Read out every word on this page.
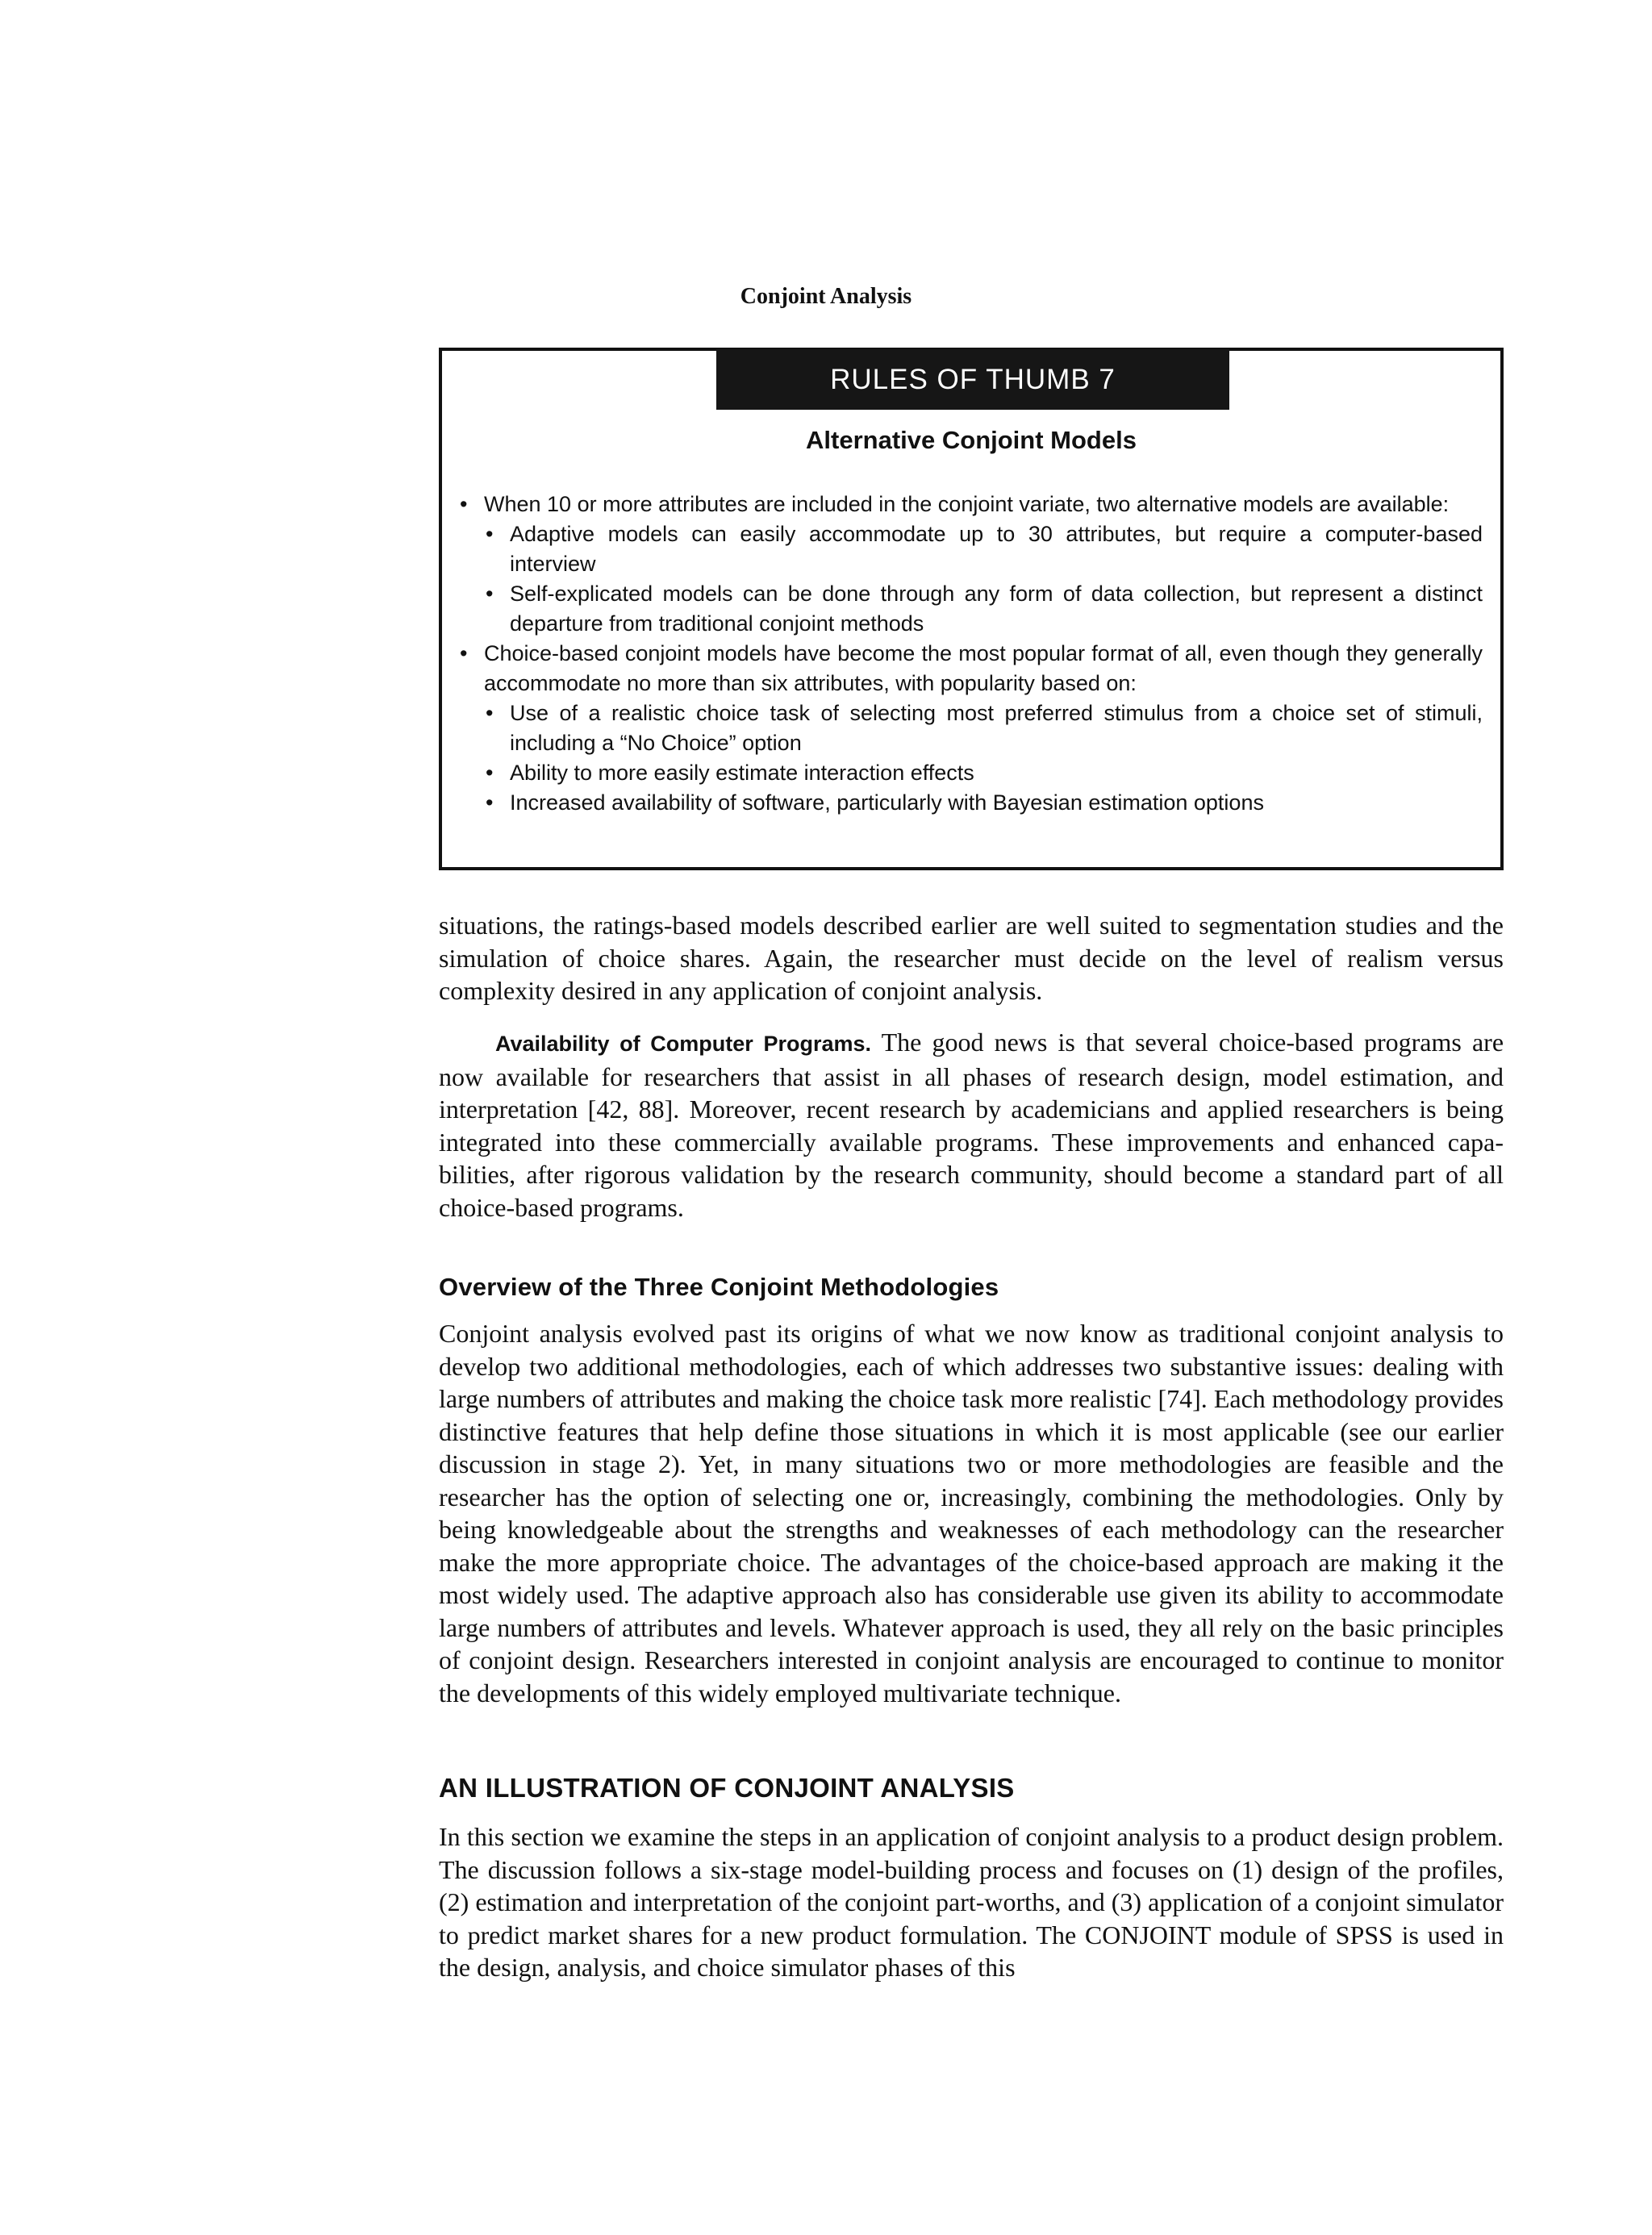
Conjoint Analysis
RULES OF THUMB 7
Alternative Conjoint Models
• When 10 or more attributes are included in the conjoint variate, two alternative models are available:
• Adaptive models can easily accommodate up to 30 attributes, but require a computer-based interview
• Self-explicated models can be done through any form of data collection, but represent a distinct departure from traditional conjoint methods
• Choice-based conjoint models have become the most popular format of all, even though they generally accommodate no more than six attributes, with popularity based on:
• Use of a realistic choice task of selecting most preferred stimulus from a choice set of stimuli, including a “No Choice” option
• Ability to more easily estimate interaction effects
• Increased availability of software, particularly with Bayesian estimation options
situations, the ratings-based models described earlier are well suited to segmentation studies and the simulation of choice shares. Again, the researcher must decide on the level of realism versus complexity desired in any application of conjoint analysis.
Availability of Computer Programs. The good news is that several choice-based programs are now available for researchers that assist in all phases of research design, model estimation, and interpretation [42, 88]. Moreover, recent research by academicians and applied researchers is being integrated into these commercially available programs. These improvements and enhanced capabilities, after rigorous validation by the research community, should become a standard part of all choice-based programs.
Overview of the Three Conjoint Methodologies
Conjoint analysis evolved past its origins of what we now know as traditional conjoint analysis to develop two additional methodologies, each of which addresses two substantive issues: dealing with large numbers of attributes and making the choice task more realistic [74]. Each methodology provides distinctive features that help define those situations in which it is most applicable (see our earlier discussion in stage 2). Yet, in many situations two or more methodologies are feasible and the researcher has the option of selecting one or, increasingly, combining the methodologies. Only by being knowledgeable about the strengths and weaknesses of each methodology can the researcher make the more appropriate choice. The advantages of the choice-based approach are making it the most widely used. The adaptive approach also has considerable use given its ability to accommodate large numbers of attributes and levels. Whatever approach is used, they all rely on the basic principles of conjoint design. Researchers interested in conjoint analysis are encouraged to continue to monitor the developments of this widely employed multivariate technique.
AN ILLUSTRATION OF CONJOINT ANALYSIS
In this section we examine the steps in an application of conjoint analysis to a product design problem. The discussion follows a six-stage model-building process and focuses on (1) design of the profiles, (2) estimation and interpretation of the conjoint part-worths, and (3) application of a conjoint simulator to predict market shares for a new product formulation. The CONJOINT module of SPSS is used in the design, analysis, and choice simulator phases of this
